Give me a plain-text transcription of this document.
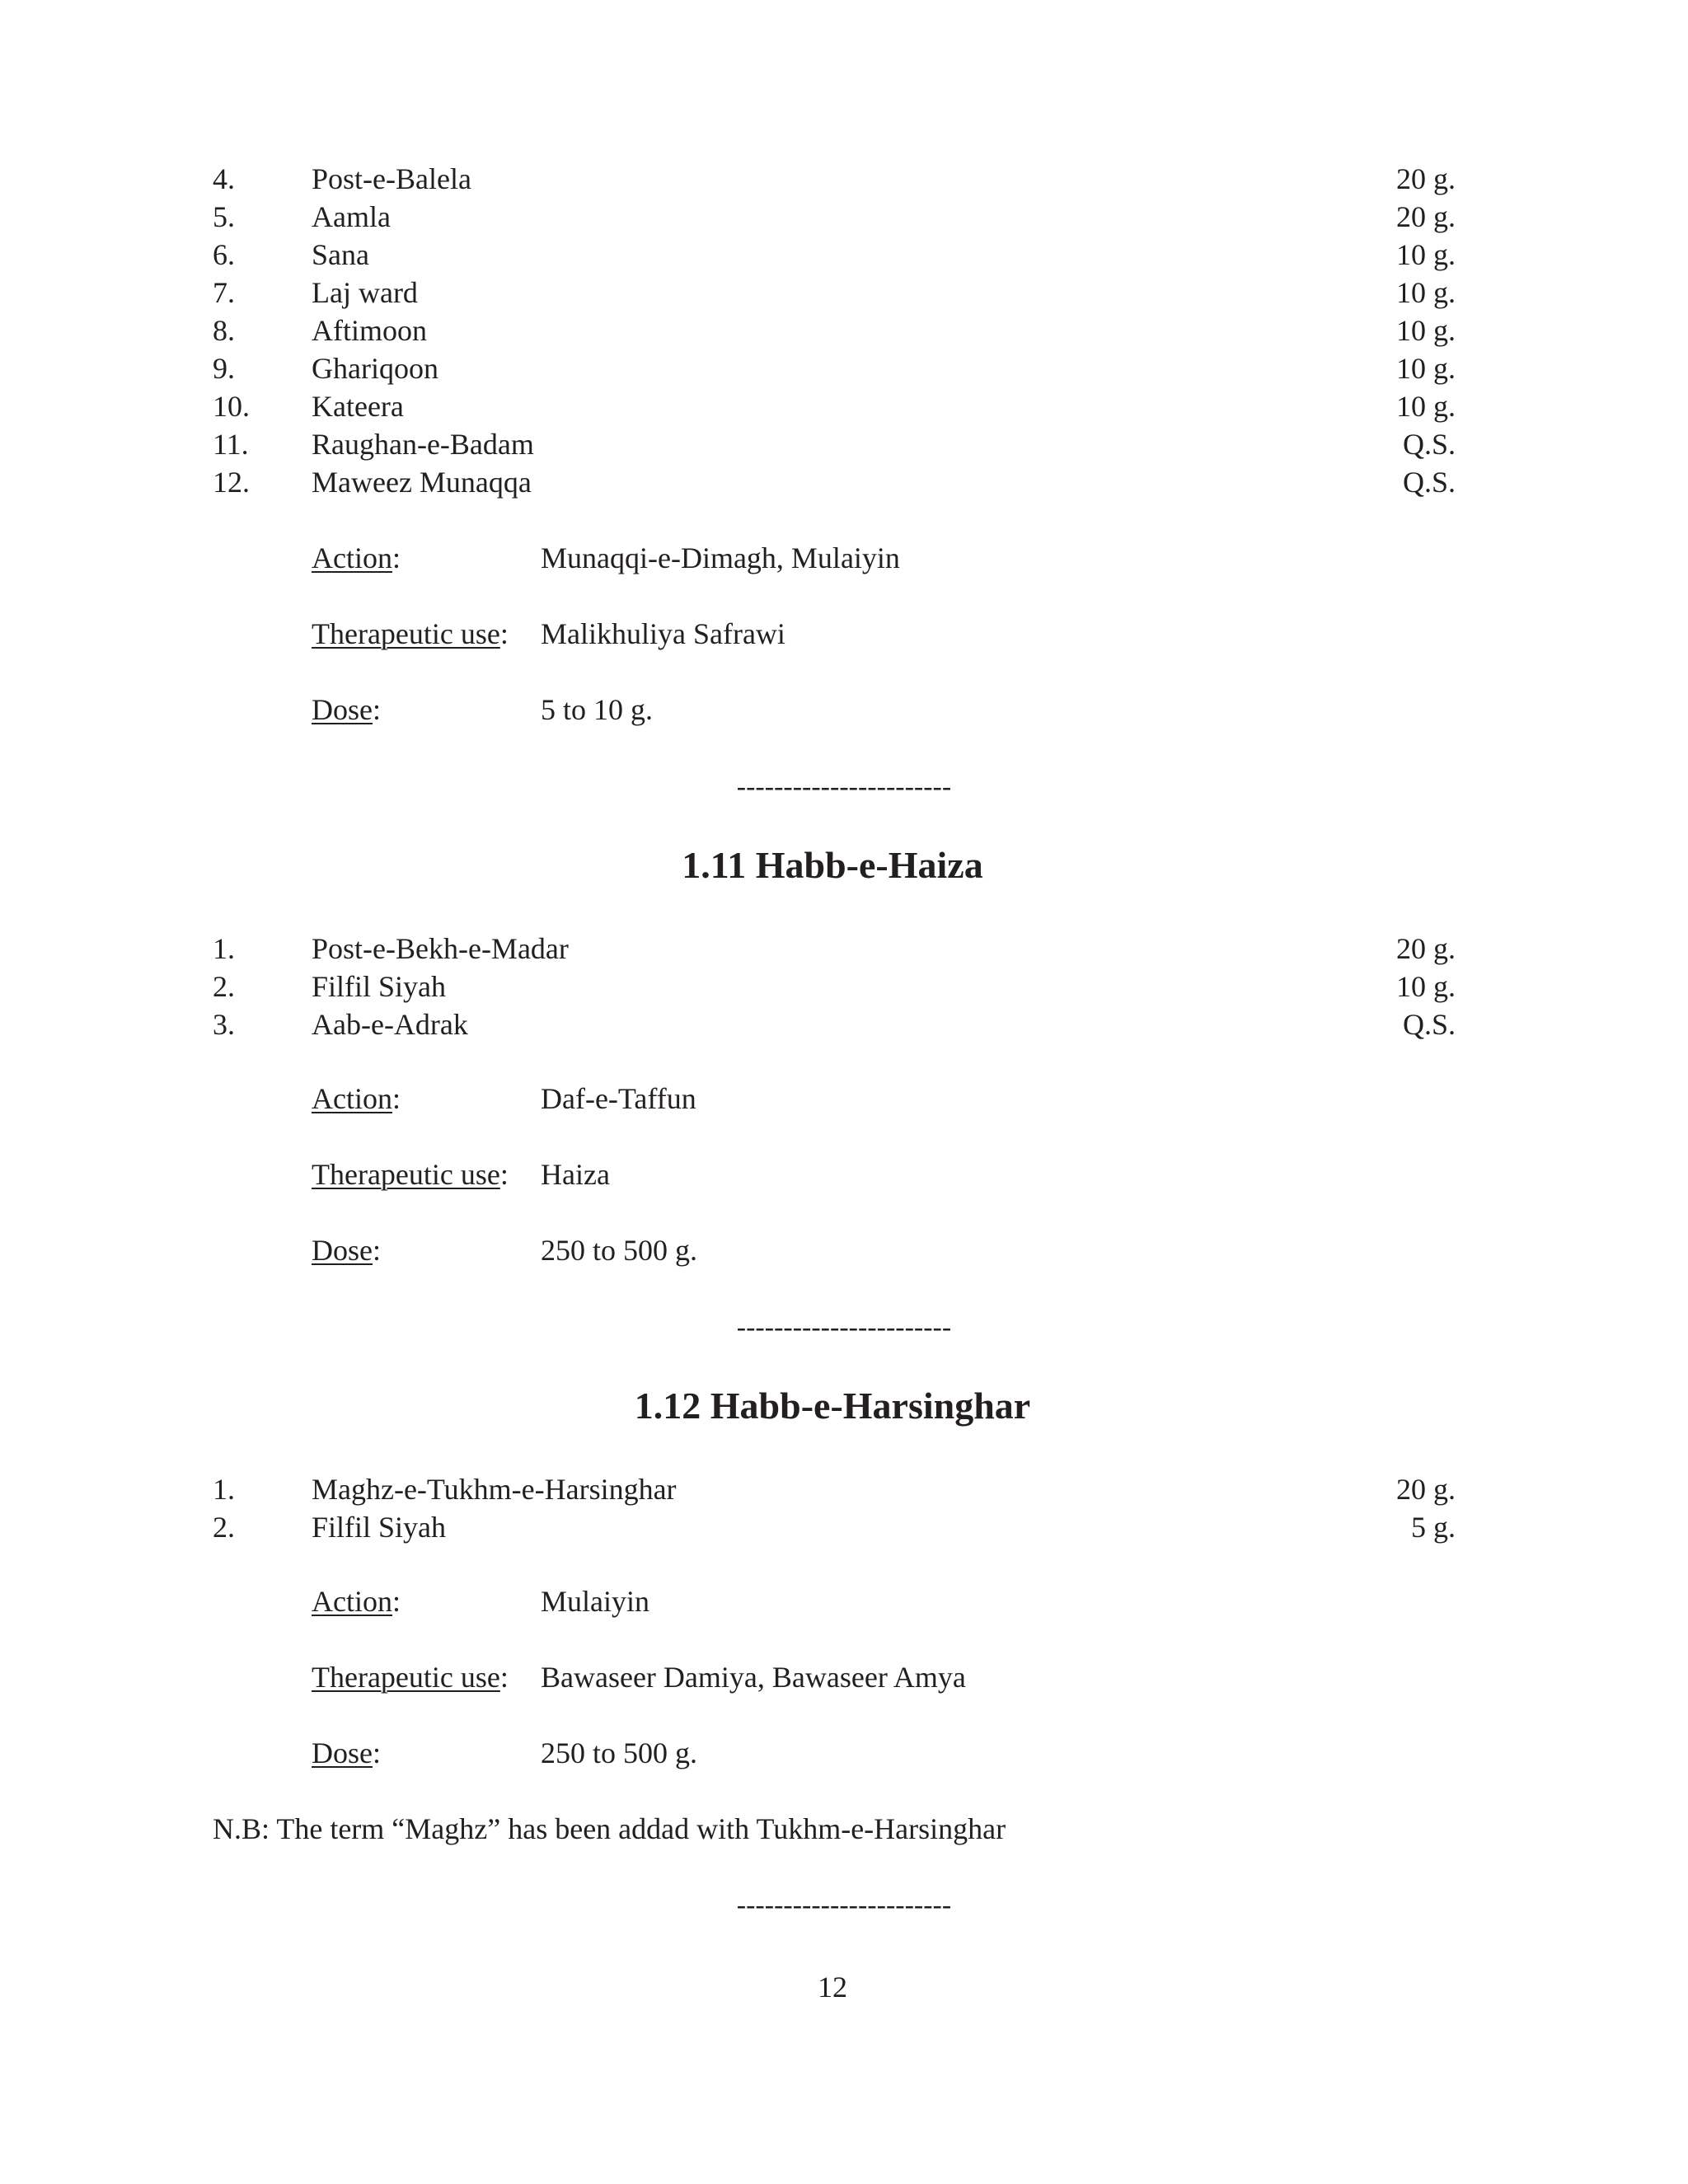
4.	Post-e-Balela	20 g.
5.	Aamla	20 g.
6.	Sana	10 g.
7.	Laj ward	10 g.
8.	Aftimoon	10 g.
9.	Ghariqoon	10 g.
10. Kateera	10 g.
11. Raughan-e-Badam	Q.S.
12. Maweez Munaqqa	Q.S.
Action:	Munaqqi-e-Dimagh, Mulaiyin
Therapeutic use: Malikhuliya Safrawi
Dose:	5 to 10 g.
-----------------------
1.11 Habb-e-Haiza
1.	Post-e-Bekh-e-Madar	20 g.
2.	Filfil Siyah	10 g.
3.	Aab-e-Adrak	Q.S.
Action:	Daf-e-Taffun
Therapeutic use: Haiza
Dose:	250 to 500 g.
-----------------------
1.12 Habb-e-Harsinghar
1.	Maghz-e-Tukhm-e-Harsinghar	20 g.
2.	Filfil Siyah	5 g.
Action:	Mulaiyin
Therapeutic use: Bawaseer Damiya, Bawaseer Amya
Dose:	250 to 500 g.
N.B: The term “Maghz” has been addad with Tukhm-e-Harsinghar
-----------------------
12
